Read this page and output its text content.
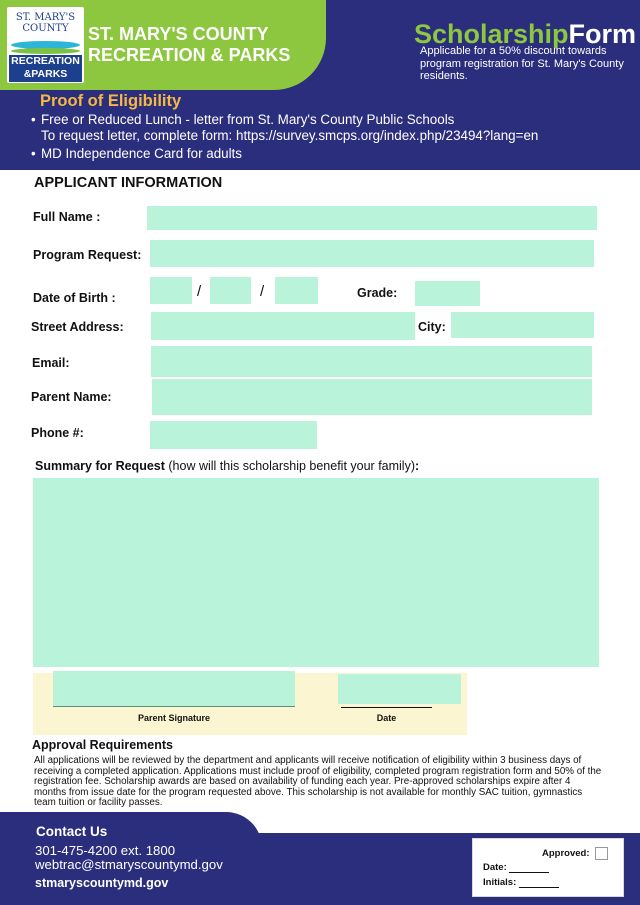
ST. MARY'S
COUNTY
RECREATION
&PARKS
ST. MARY'S COUNTY
RECREATION & PARKS
ScholarshipForm
Applicable for a 50% discount towards program registration for St. Mary's County residents.
Proof of Eligibility
• Free or Reduced Lunch - letter from St. Mary's County Public Schools
To request letter, complete form: https://survey.smcps.org/index.php/23494?lang=en
• MD Independence Card for adults
APPLICANT INFORMATION
Full Name :
Program Request:
Date of Birth :	/	/	Grade:
Street Address:	City:
Email:
Parent Name:
Phone #:
Summary for Request (how will this scholarship benefit your family):
Parent Signature	Date
Approval Requirements
All applications will be reviewed by the department and applicants will receive notification of eligibility within 3 business days of receiving a completed application. Applications must include proof of eligibility, completed program registration form and 50% of the registration fee. Scholarship awards are based on availability of funding each year. Pre-approved scholarships expire after 4 months from issue date for the program requested above. This scholarship is not available for monthly SAC tuition, gymnastics team tuition or facility passes.
Contact Us
301-475-4200 ext. 1800
webtrac@stmaryscountymd.gov
stmaryscountymd.gov
Approved:
Date:
Initials:
